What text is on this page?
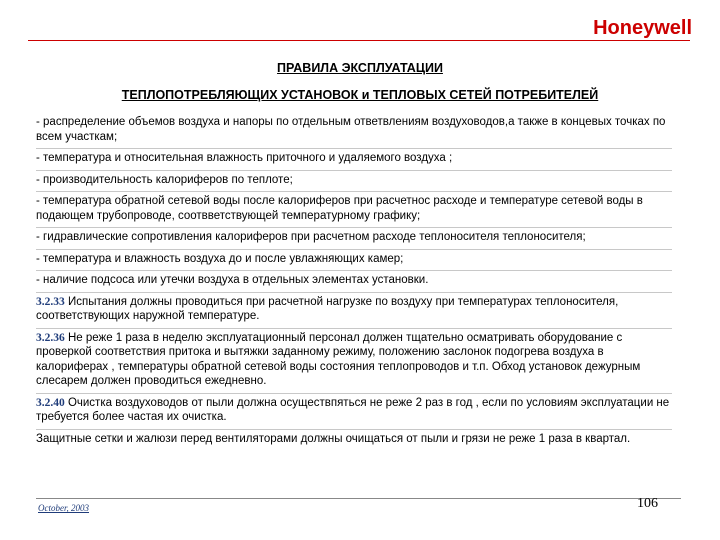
Honeywell
ПРАВИЛА ЭКСПЛУАТАЦИИ
ТЕПЛОПОТРЕБЛЯЮЩИХ УСТАНОВОК и ТЕПЛОВЫХ СЕТЕЙ ПОТРЕБИТЕЛЕЙ

- распределение объемов воздуха и напоры по отдельным ответвлениям воздуховодов,а также в концевых точках по всем участкам;

- температура и относительная влажность приточного и удаляемого воздуха ;

- производительность калориферов по теплоте;

- температура обратной сетевой воды после калориферов при расчетнос расходе и температуре сетевой воды в подающем трубопроводе, соотвветствующей температурному графику;

- гидравлические сопротивления калориферов при расчетном расходе теплоносителя теплоносителя;

- температура и влажность воздуха до и после увлажняющих камер;

- наличие подсоса или утечки воздуха в отдельных элементах установки.

3.2.33 Испытания должны проводиться при расчетной нагрузке по воздуху при температурах теплоносителя, соответствующих наружной температуре.

3.2.36 Не реже 1 раза в неделю эксплуатационный персонал должен тщательно осматривать оборудование с проверкой соответствия притока и вытяжки заданному режиму, положению заслонок подогрева воздуха в калориферах , температуры обратной сетевой воды состояния теплопроводов и т.п. Обход установок дежурным слесарем должен проводиться ежедневно.

3.2.40 Очистка воздуховодов от пыли должна осуществпяться не реже 2 раз в год , если по условиям эксплуатации не требуется более частая их очистка.

Защитные сетки и жалюзи перед вентиляторами должны очищаться от пыли и грязи не реже 1 раза в квартал.

October, 2003	106
